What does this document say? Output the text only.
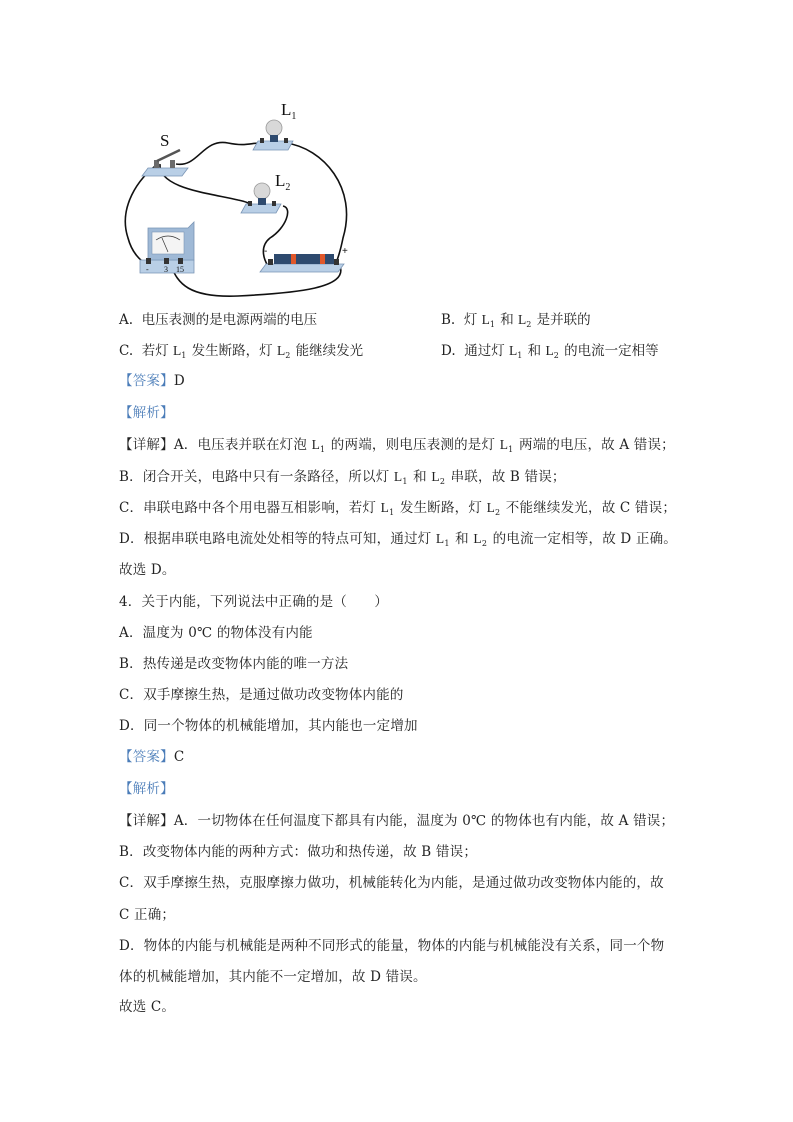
S
$L_1$
$L_2$
- 3 15
-	+
A. 电压表测的是电源两端的电压	B. 灯 $L_1$ 和 $L_2$ 是并联的
C. 若灯 $L_1$ 发生断路，灯 $L_2$ 能继续发光	D. 通过灯 $L_1$ 和 $L_2$ 的电流一定相等
【答案】D
【解析】
【详解】A．电压表并联在灯泡 $L_1$ 的两端，则电压表测的是灯 $L_1$ 两端的电压，故 A 错误；
B．闭合开关，电路中只有一条路径，所以灯 $L_1$ 和 $L_2$ 串联，故 B 错误；
C．串联电路中各个用电器互相影响，若灯 $L_1$ 发生断路，灯 $L_2$ 不能继续发光，故 C 错误；
D．根据串联电路电流处处相等的特点可知，通过灯 $L_1$ 和 $L_2$ 的电流一定相等，故 D 正确。
故选 D。
4．关于内能，下列说法中正确的是（　　）
A．温度为 0℃ 的物体没有内能
B．热传递是改变物体内能的唯一方法
C．双手摩擦生热，是通过做功改变物体内能的
D．同一个物体的机械能增加，其内能也一定增加
【答案】C
【解析】
【详解】A．一切物体在任何温度下都具有内能，温度为 0℃ 的物体也有内能，故 A 错误；
B．改变物体内能的两种方式：做功和热传递，故 B 错误；
C．双手摩擦生热，克服摩擦力做功，机械能转化为内能，是通过做功改变物体内能的，故
C 正确；
D．物体的内能与机械能是两种不同形式的能量，物体的内能与机械能没有关系，同一个物
体的机械能增加，其内能不一定增加，故 D 错误。
故选 C。
